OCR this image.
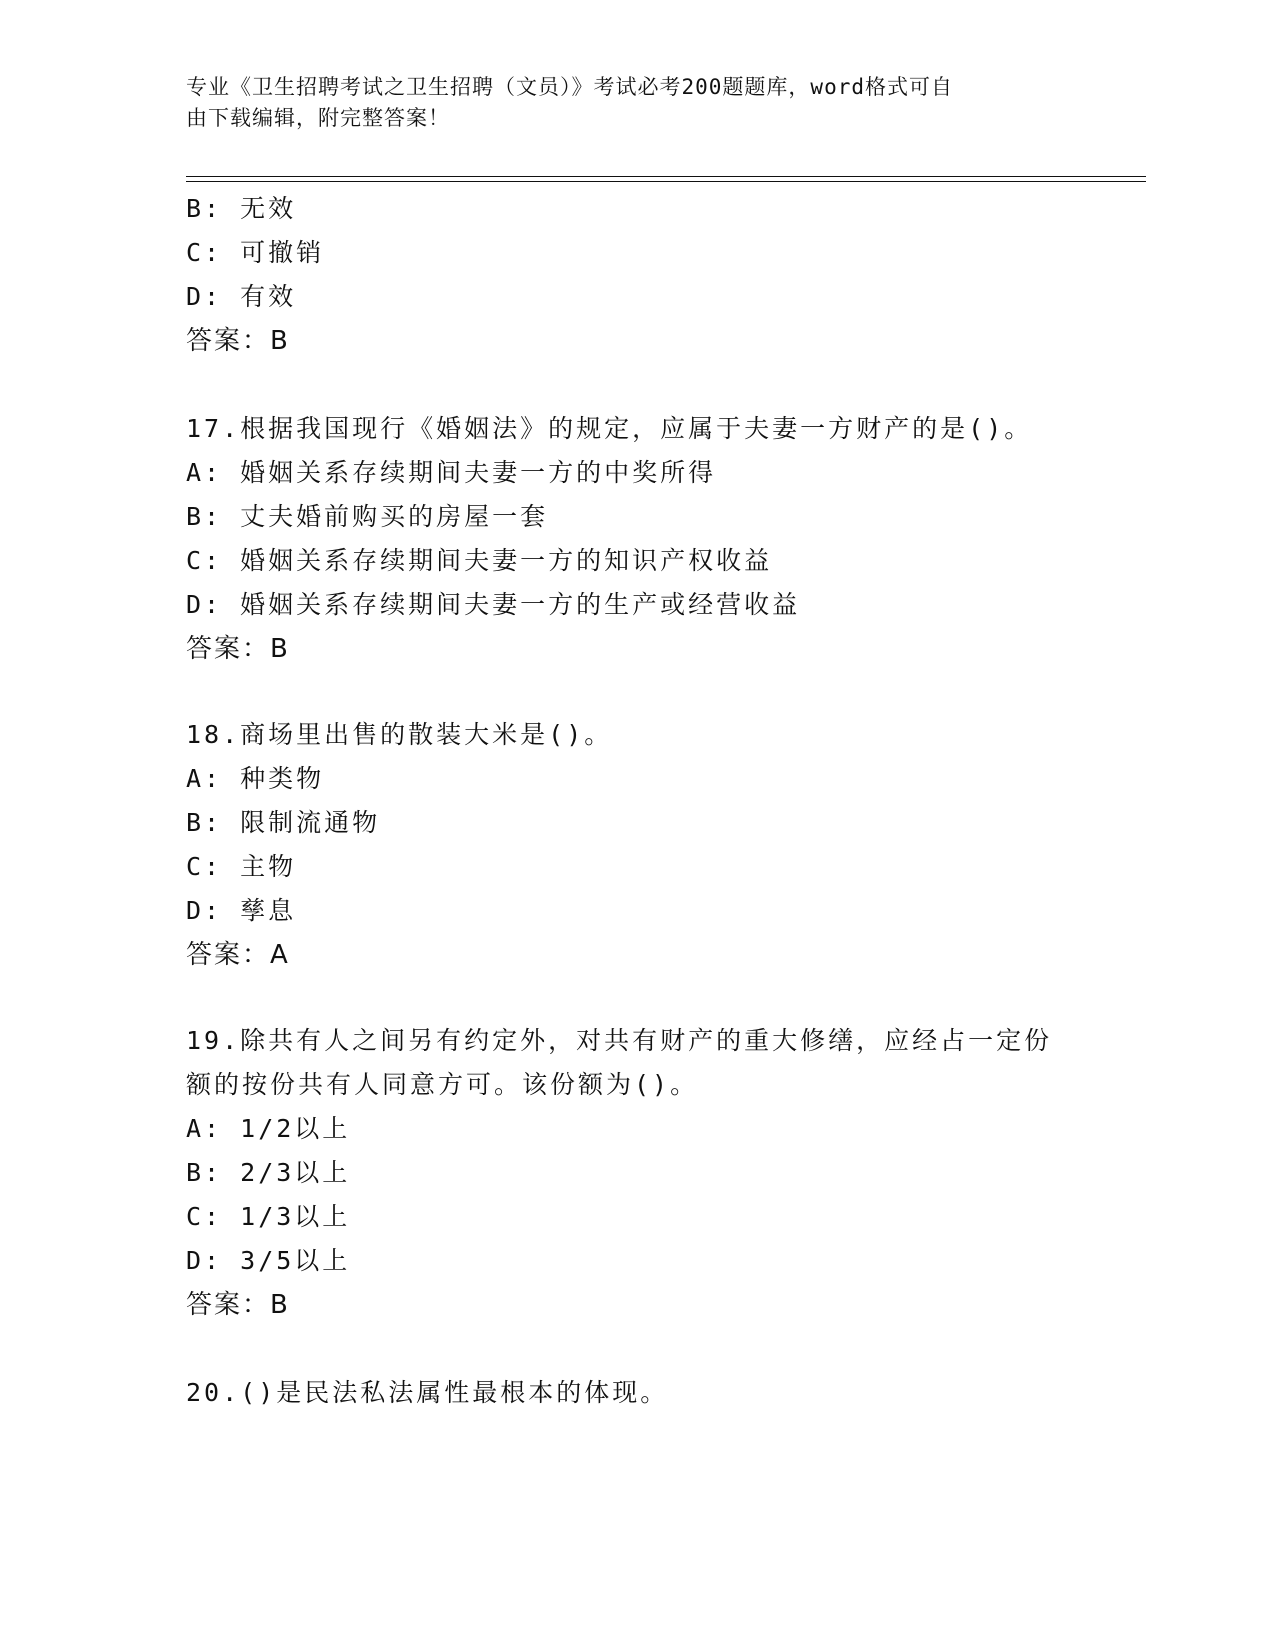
专业《卫生招聘考试之卫生招聘（文员）》考试必考200题题库，word格式可自
由下载编辑，附完整答案！
B: 无效
C: 可撤销
D: 有效
答案：B
17.根据我国现行《婚姻法》的规定，应属于夫妻一方财产的是()。
A: 婚姻关系存续期间夫妻一方的中奖所得
B: 丈夫婚前购买的房屋一套
C: 婚姻关系存续期间夫妻一方的知识产权收益
D: 婚姻关系存续期间夫妻一方的生产或经营收益
答案：B
18.商场里出售的散装大米是()。
A: 种类物
B: 限制流通物
C: 主物
D: 孳息
答案：A
19.除共有人之间另有约定外，对共有财产的重大修缮，应经占一定份
额的按份共有人同意方可。该份额为()。
A: 1/2以上
B: 2/3以上
C: 1/3以上
D: 3/5以上
答案：B
20.()是民法私法属性最根本的体现。
